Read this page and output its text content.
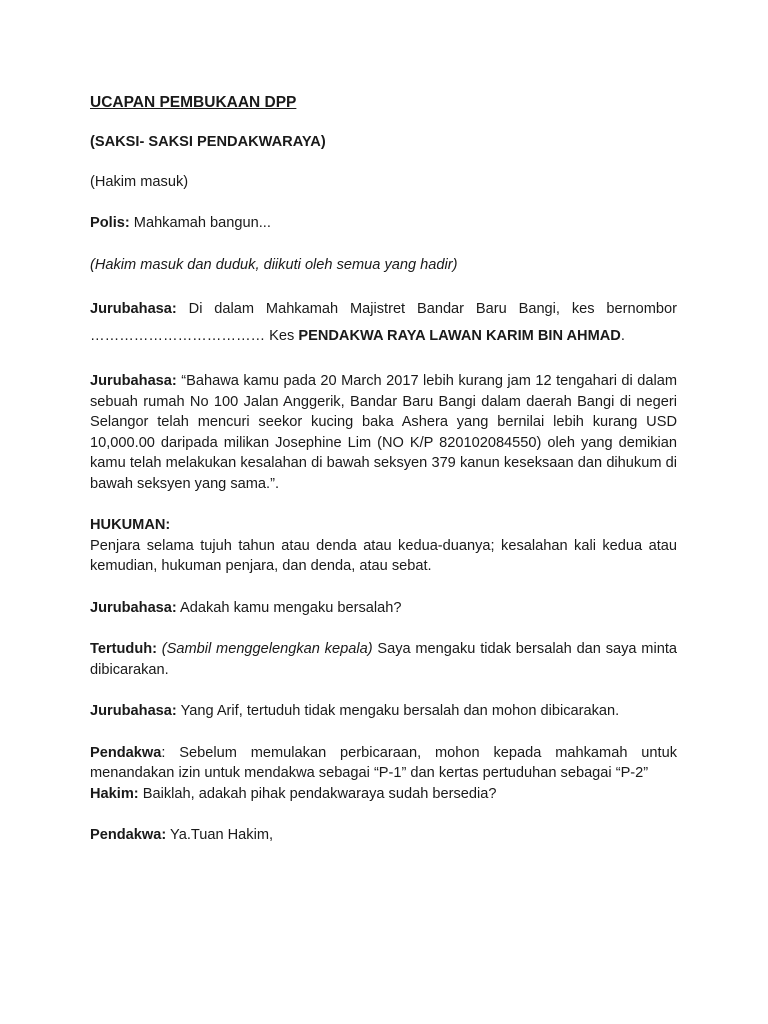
UCAPAN PEMBUKAAN DPP
(SAKSI- SAKSI PENDAKWARAYA)

(Hakim masuk)

Polis: Mahkamah bangun...

(Hakim masuk dan duduk, diikuti oleh semua yang hadir)

Jurubahasa: Di dalam Mahkamah Majistret Bandar Baru Bangi, kes bernombor ……………………………… Kes PENDAKWA RAYA LAWAN KARIM BIN AHMAD.

Jurubahasa: “Bahawa kamu pada 20 March 2017 lebih kurang jam 12 tengahari di dalam sebuah rumah No 100 Jalan Anggerik, Bandar Baru Bangi dalam daerah Bangi di negeri Selangor telah mencuri seekor kucing baka Ashera yang bernilai lebih kurang USD 10,000.00 daripada milikan Josephine Lim (NO K/P 820102084550) oleh yang demikian kamu telah melakukan kesalahan di bawah seksyen 379 kanun keseksaan dan dihukum di bawah seksyen yang sama.”.

HUKUMAN:
Penjara selama tujuh tahun atau denda atau kedua-duanya; kesalahan kali kedua atau kemudian, hukuman penjara, dan denda, atau sebat.

Jurubahasa: Adakah kamu mengaku bersalah?

Tertuduh: (Sambil menggelengkan kepala) Saya mengaku tidak bersalah dan saya minta dibicarakan.

Jurubahasa: Yang Arif, tertuduh tidak mengaku bersalah dan mohon dibicarakan.

Pendakwa: Sebelum memulakan perbicaraan, mohon kepada mahkamah untuk menandakan izin untuk mendakwa sebagai “P-1” dan kertas pertuduhan sebagai “P-2”

Hakim: Baiklah, adakah pihak pendakwaraya sudah bersedia?

Pendakwa: Ya.Tuan Hakim,
